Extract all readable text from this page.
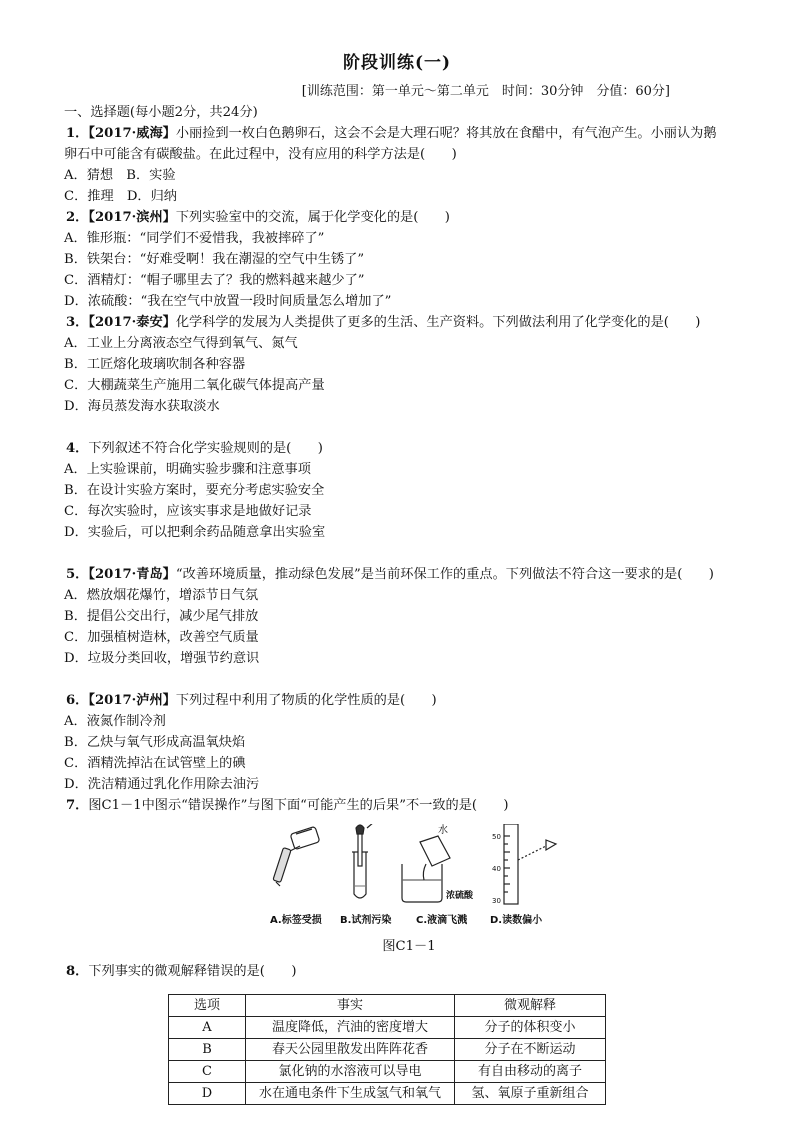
阶段训练(一)
[训练范围：第一单元～第二单元　时间：30分钟　分值：60分]
一、选择题(每小题2分，共24分)
1．【2017·威海】小丽捡到一枚白色鹅卵石，这会不会是大理石呢？将其放在食醋中，有气泡产生。小丽认为鹅
卵石中可能含有碳酸盐。在此过程中，没有应用的科学方法是(　　)
A．猜想　B．实验
C．推理　D．归纳
2．【2017·滨州】下列实验室中的交流，属于化学变化的是(　　)
A．锥形瓶：“同学们不爱惜我，我被摔碎了”
B．铁架台：“好难受啊！我在潮湿的空气中生锈了”
C．酒精灯：“帽子哪里去了？我的燃料越来越少了”
D．浓硫酸：“我在空气中放置一段时间质量怎么增加了”
3．【2017·泰安】化学科学的发展为人类提供了更多的生活、生产资料。下列做法利用了化学变化的是(　　)
A．工业上分离液态空气得到氧气、氮气
B．工匠熔化玻璃吹制各种容器
C．大棚蔬菜生产施用二氧化碳气体提高产量
D．海员蒸发海水获取淡水
4．下列叙述不符合化学实验规则的是(　　)
A．上实验课前，明确实验步骤和注意事项
B．在设计实验方案时，要充分考虑实验安全
C．每次实验时，应该实事求是地做好记录
D．实验后，可以把剩余药品随意拿出实验室
5．【2017·青岛】“改善环境质量，推动绿色发展”是当前环保工作的重点。下列做法不符合这一要求的是(　　)
A．燃放烟花爆竹，增添节日气氛
B．提倡公交出行，减少尾气排放
C．加强植树造林，改善空气质量
D．垃圾分类回收，增强节约意识
6．【2017·泸州】下列过程中利用了物质的化学性质的是(　　)
A．液氮作制冷剂
B．乙炔与氧气形成高温氧炔焰
C．酒精洗掉沾在试管壁上的碘
D．洗洁精通过乳化作用除去油污
7．图C1－1中图示“错误操作”与图下面“可能产生的后果”不一致的是(　　)
水
浓硫酸
50
40
30
A.标签受损 B.试剂污染 C.液滴飞溅 D.读数偏小
图C1－1
8．下列事实的微观解释错误的是(　　)
选项	事实	微观解释
A	温度降低，汽油的密度增大	分子的体积变小
B	春天公园里散发出阵阵花香	分子在不断运动
C	氯化钠的水溶液可以导电	有自由移动的离子
D	水在通电条件下生成氢气和氧气	氢、氧原子重新组合
